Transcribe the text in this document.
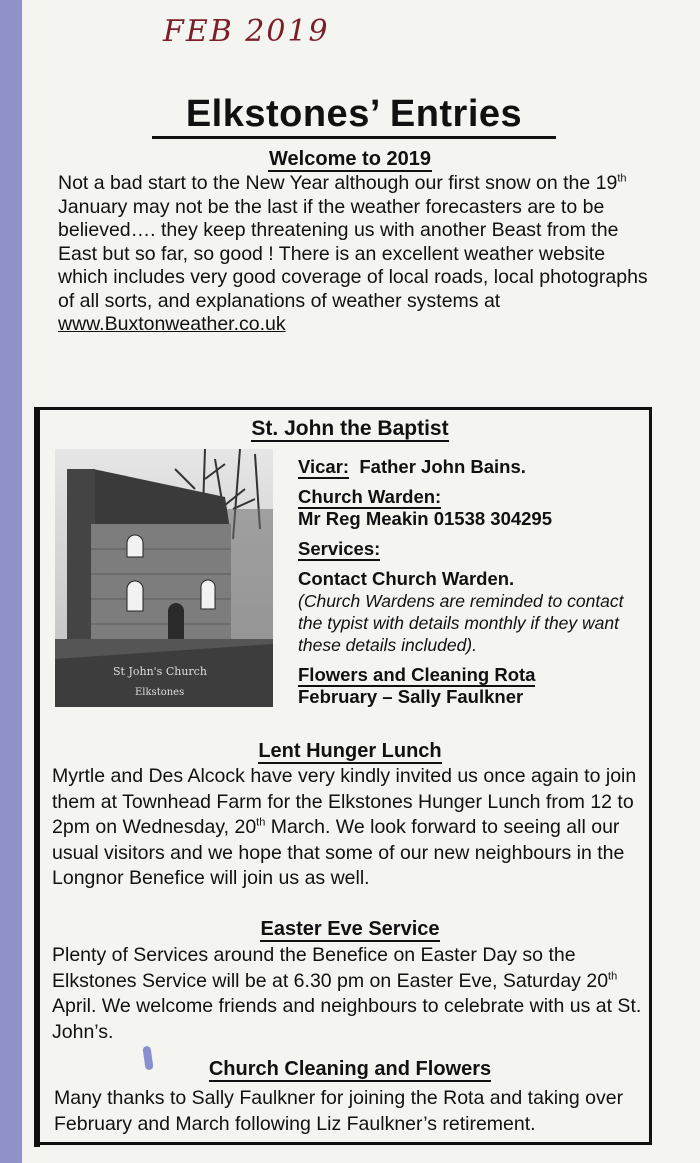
FEB 2019
Elkstones’ Entries
Welcome to 2019
Not a bad start to the New Year although our first snow on the 19th January may not be the last if the weather forecasters are to be believed…. they keep threatening us with another Beast from the East but so far, so good ! There is an excellent weather website which includes very good coverage of local roads, local photographs of all sorts, and explanations of weather systems at www.Buxtonweather.co.uk
St. John the Baptist
St John's Church
Elkstones
Vicar: Father John Bains.
Church Warden:
Mr Reg Meakin 01538 304295
Services:

Contact Church Warden.
(Church Wardens are reminded to contact the typist with details monthly if they want these details included).
Flowers and Cleaning Rota
February – Sally Faulkner
Lent Hunger Lunch
Myrtle and Des Alcock have very kindly invited us once again to join them at Townhead Farm for the Elkstones Hunger Lunch from 12 to 2pm on Wednesday, 20th March. We look forward to seeing all our usual visitors and we hope that some of our new neighbours in the Longnor Benefice will join us as well.
Easter Eve Service
Plenty of Services around the Benefice on Easter Day so the Elkstones Service will be at 6.30 pm on Easter Eve, Saturday 20th April. We welcome friends and neighbours to celebrate with us at St. John’s.
Church Cleaning and Flowers
Many thanks to Sally Faulkner for joining the Rota and taking over February and March following Liz Faulkner’s retirement.
